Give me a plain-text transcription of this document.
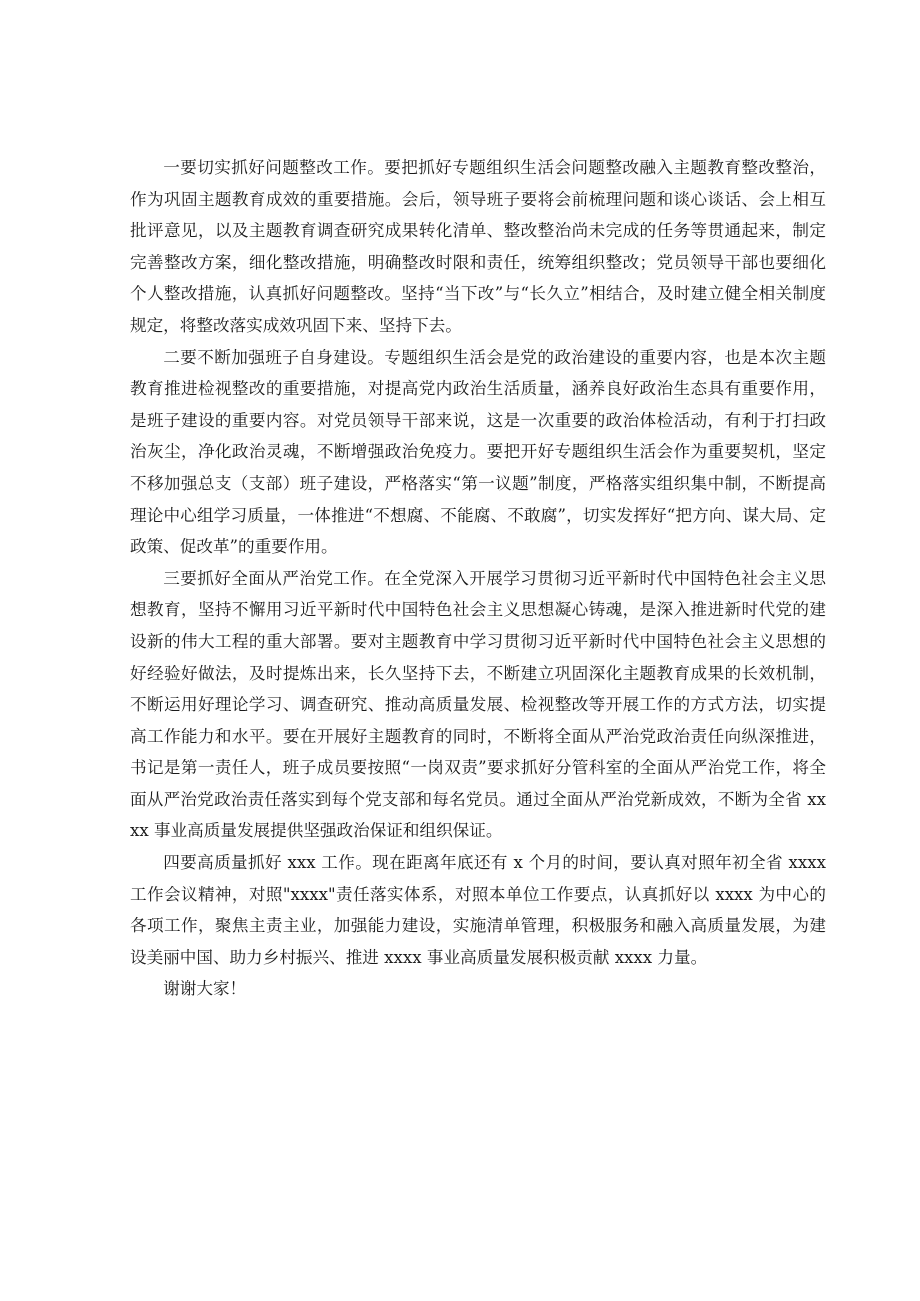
一要切实抓好问题整改工作。要把抓好专题组织生活会问题整改融入主题教育整改整治，作为巩固主题教育成效的重要措施。会后，领导班子要将会前梳理问题和谈心谈话、会上相互批评意见，以及主题教育调查研究成果转化清单、整改整治尚未完成的任务等贯通起来，制定完善整改方案，细化整改措施，明确整改时限和责任，统筹组织整改；党员领导干部也要细化个人整改措施，认真抓好问题整改。坚持“当下改”与“长久立”相结合，及时建立健全相关制度规定，将整改落实成效巩固下来、坚持下去。

二要不断加强班子自身建设。专题组织生活会是党的政治建设的重要内容，也是本次主题教育推进检视整改的重要措施，对提高党内政治生活质量，涵养良好政治生态具有重要作用，是班子建设的重要内容。对党员领导干部来说，这是一次重要的政治体检活动，有利于打扫政治灰尘，净化政治灵魂，不断增强政治免疫力。要把开好专题组织生活会作为重要契机，坚定不移加强总支（支部）班子建设，严格落实“第一议题”制度，严格落实组织集中制，不断提高理论中心组学习质量，一体推进“不想腐、不能腐、不敢腐”，切实发挥好“把方向、谋大局、定政策、促改革”的重要作用。

三要抓好全面从严治党工作。在全党深入开展学习贯彻习近平新时代中国特色社会主义思想教育，坚持不懈用习近平新时代中国特色社会主义思想凝心铸魂，是深入推进新时代党的建设新的伟大工程的重大部署。要对主题教育中学习贯彻习近平新时代中国特色社会主义思想的好经验好做法，及时提炼出来，长久坚持下去，不断建立巩固深化主题教育成果的长效机制，不断运用好理论学习、调查研究、推动高质量发展、检视整改等开展工作的方式方法，切实提高工作能力和水平。要在开展好主题教育的同时，不断将全面从严治党政治责任向纵深推进，书记是第一责任人，班子成员要按照“一岗双责”要求抓好分管科室的全面从严治党工作，将全面从严治党政治责任落实到每个党支部和每名党员。通过全面从严治党新成效，不断为全省 xxxx 事业高质量发展提供坚强政治保证和组织保证。

四要高质量抓好 xxx 工作。现在距离年底还有 x 个月的时间，要认真对照年初全省 xxxx 工作会议精神，对照"xxxx"责任落实体系，对照本单位工作要点，认真抓好以 xxxx 为中心的各项工作，聚焦主责主业，加强能力建设，实施清单管理，积极服务和融入高质量发展，为建设美丽中国、助力乡村振兴、推进 xxxx 事业高质量发展积极贡献 xxxx 力量。

谢谢大家！
